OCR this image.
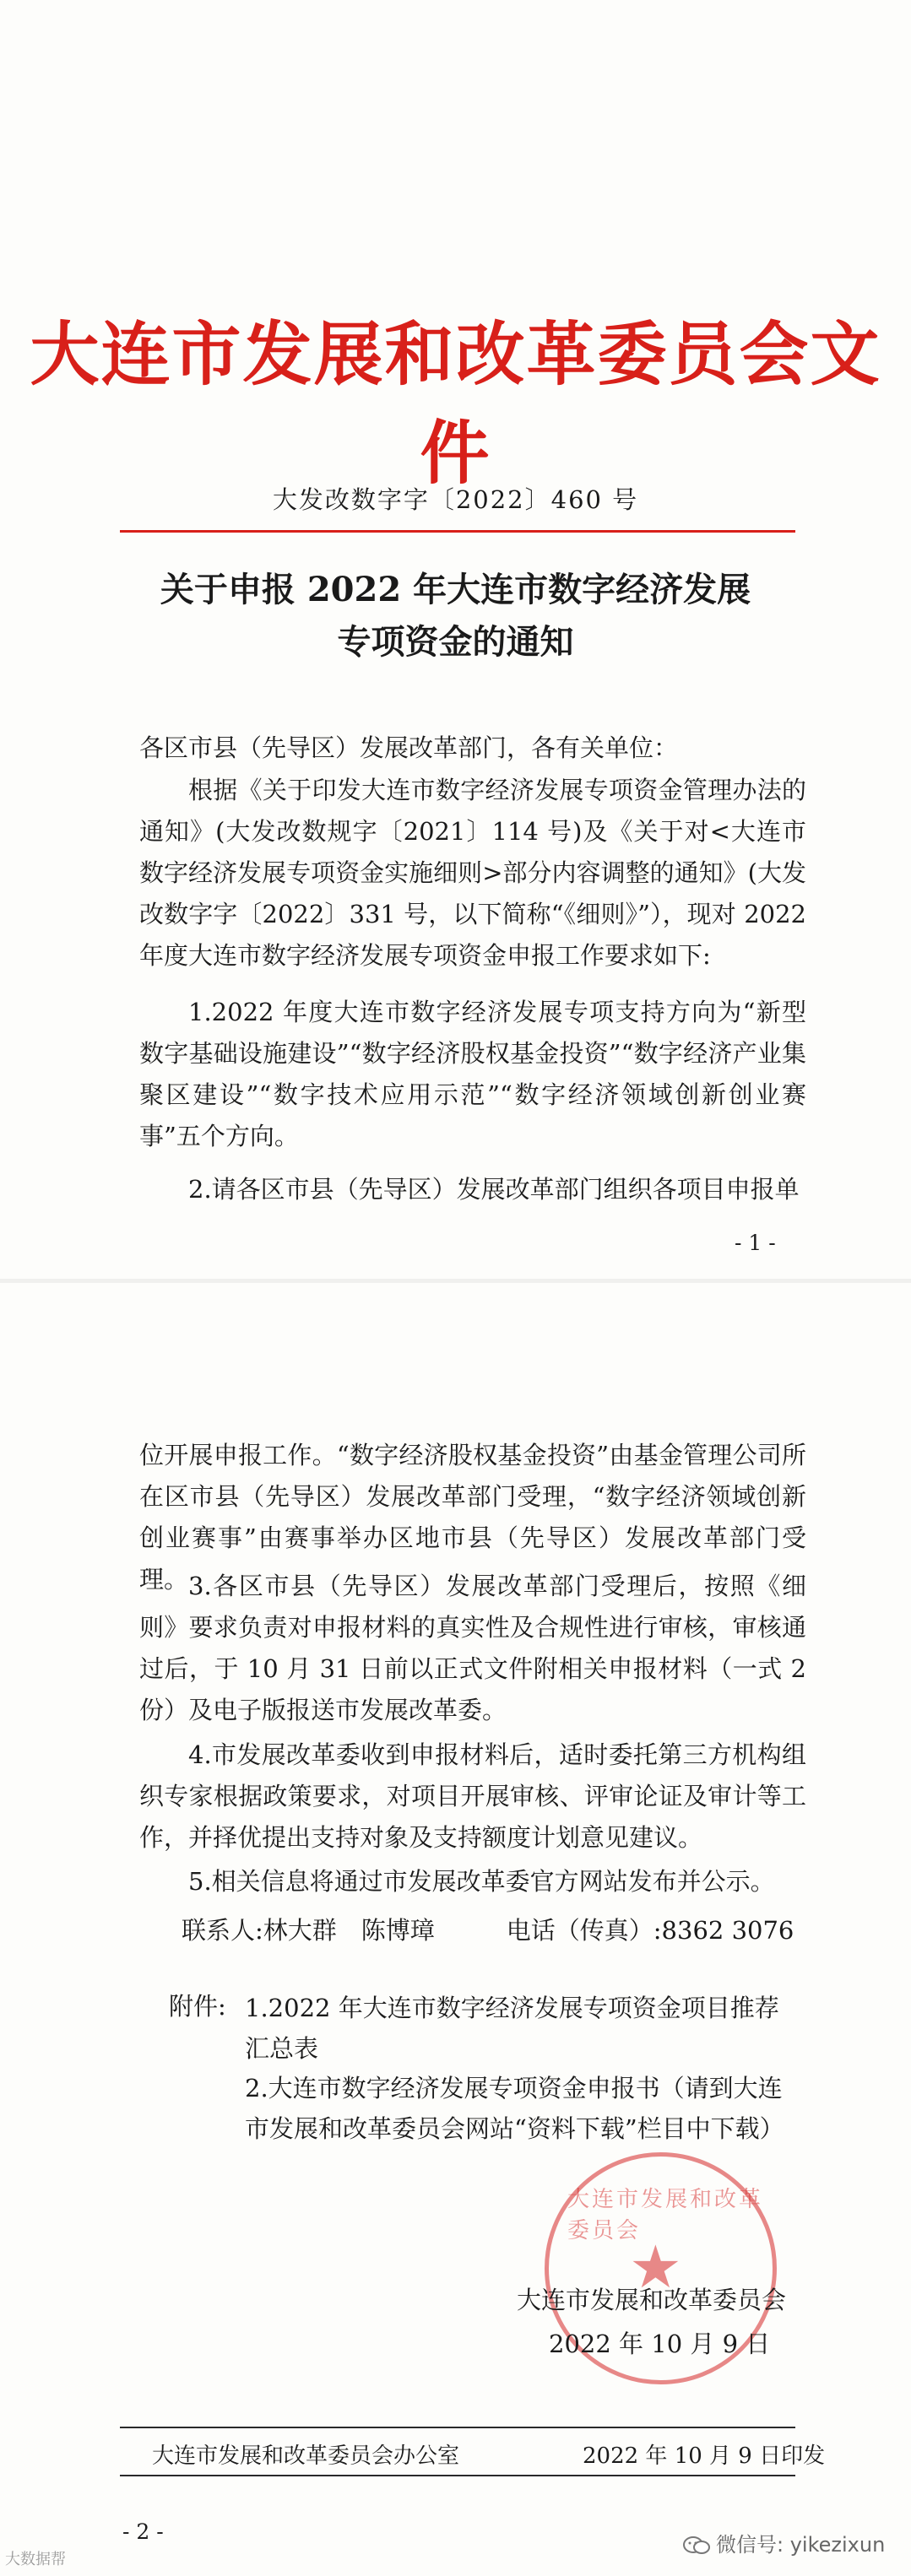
大连市发展和改革委员会文件
大发改数字字〔2022〕460 号
关于申报 2022 年大连市数字经济发展
专项资金的通知
各区市县（先导区）发展改革部门，各有关单位：
根据《关于印发大连市数字经济发展专项资金管理办法的通知》(大发改数规字〔2021〕114 号)及《关于对<大连市数字经济发展专项资金实施细则>部分内容调整的通知》(大发改数字字〔2022〕331 号，以下简称“《细则》”），现对 2022 年度大连市数字经济发展专项资金申报工作要求如下:
1.2022 年度大连市数字经济发展专项支持方向为“新型数字基础设施建设”“数字经济股权基金投资”“数字经济产业集聚区建设”“数字技术应用示范”“数字经济领域创新创业赛事”五个方向。
2.请各区市县（先导区）发展改革部门组织各项目申报单
- 1 -
位开展申报工作。“数字经济股权基金投资”由基金管理公司所在区市县（先导区）发展改革部门受理，“数字经济领域创新创业赛事”由赛事举办区地市县（先导区）发展改革部门受理。 3.各区市县（先导区）发展改革部门受理后，按照《细则》要求负责对申报材料的真实性及合规性进行审核，审核通过后，于 10 月 31 日前以正式文件附相关申报材料（一式 2 份）及电子版报送市发展改革委。
4.市发展改革委收到申报材料后，适时委托第三方机构组织专家根据政策要求，对项目开展审核、评审论证及审计等工作，并择优提出支持对象及支持额度计划意见建议。
5.相关信息将通过市发展改革委官方网站发布并公示。
联系人:林大群　陈博璋	电话（传真）:8362 3076
附件: 1.2022 年大连市数字经济发展专项资金项目推荐汇总表
2.大连市数字经济发展专项资金申报书（请到大连市发展和改革委员会网站“资料下载”栏目中下载）
大连市发展和改革委员会
★
大连市发展和改革委员会
2022 年 10 月 9 日
大连市发展和改革委员会办公室	2022 年 10 月 9 日印发
- 2 -
微信号: yikezixun
大数据帮
